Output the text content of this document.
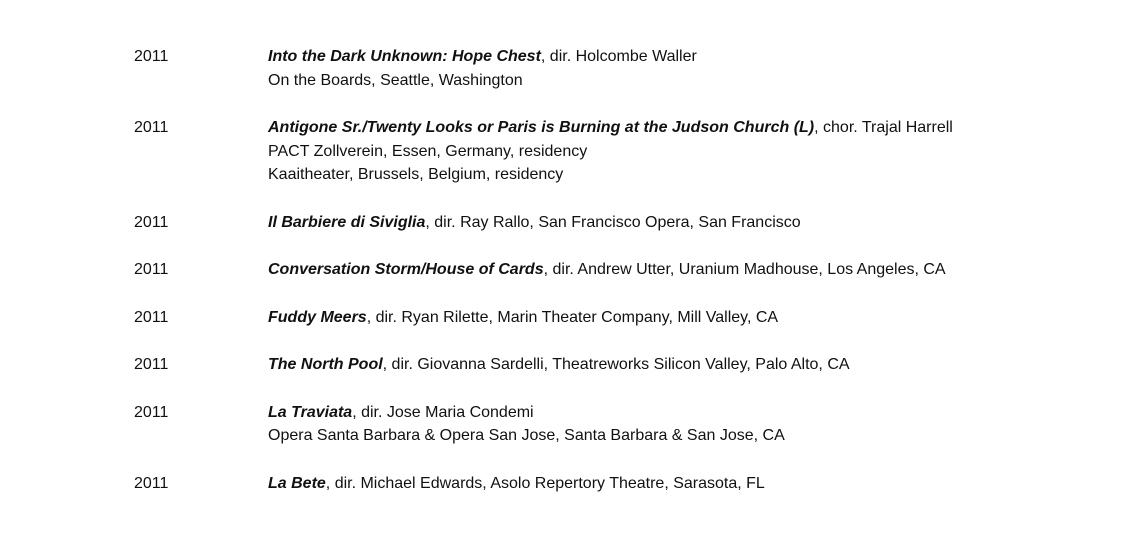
2011	Into the Dark Unknown: Hope Chest, dir. Holcombe Waller
On the Boards, Seattle, Washington
2011	Antigone Sr./Twenty Looks or Paris is Burning at the Judson Church (L), chor. Trajal Harrell
PACT Zollverein, Essen, Germany, residency
Kaaitheater, Brussels, Belgium, residency
2011	Il Barbiere di Siviglia, dir. Ray Rallo, San Francisco Opera, San Francisco
2011	Conversation Storm/House of Cards, dir. Andrew Utter, Uranium Madhouse, Los Angeles, CA
2011	Fuddy Meers, dir. Ryan Rilette, Marin Theater Company, Mill Valley, CA
2011	The North Pool, dir. Giovanna Sardelli, Theatreworks Silicon Valley, Palo Alto, CA
2011	La Traviata, dir. Jose Maria Condemi
Opera Santa Barbara & Opera San Jose, Santa Barbara & San Jose, CA
2011	La Bete, dir. Michael Edwards, Asolo Repertory Theatre, Sarasota, FL
